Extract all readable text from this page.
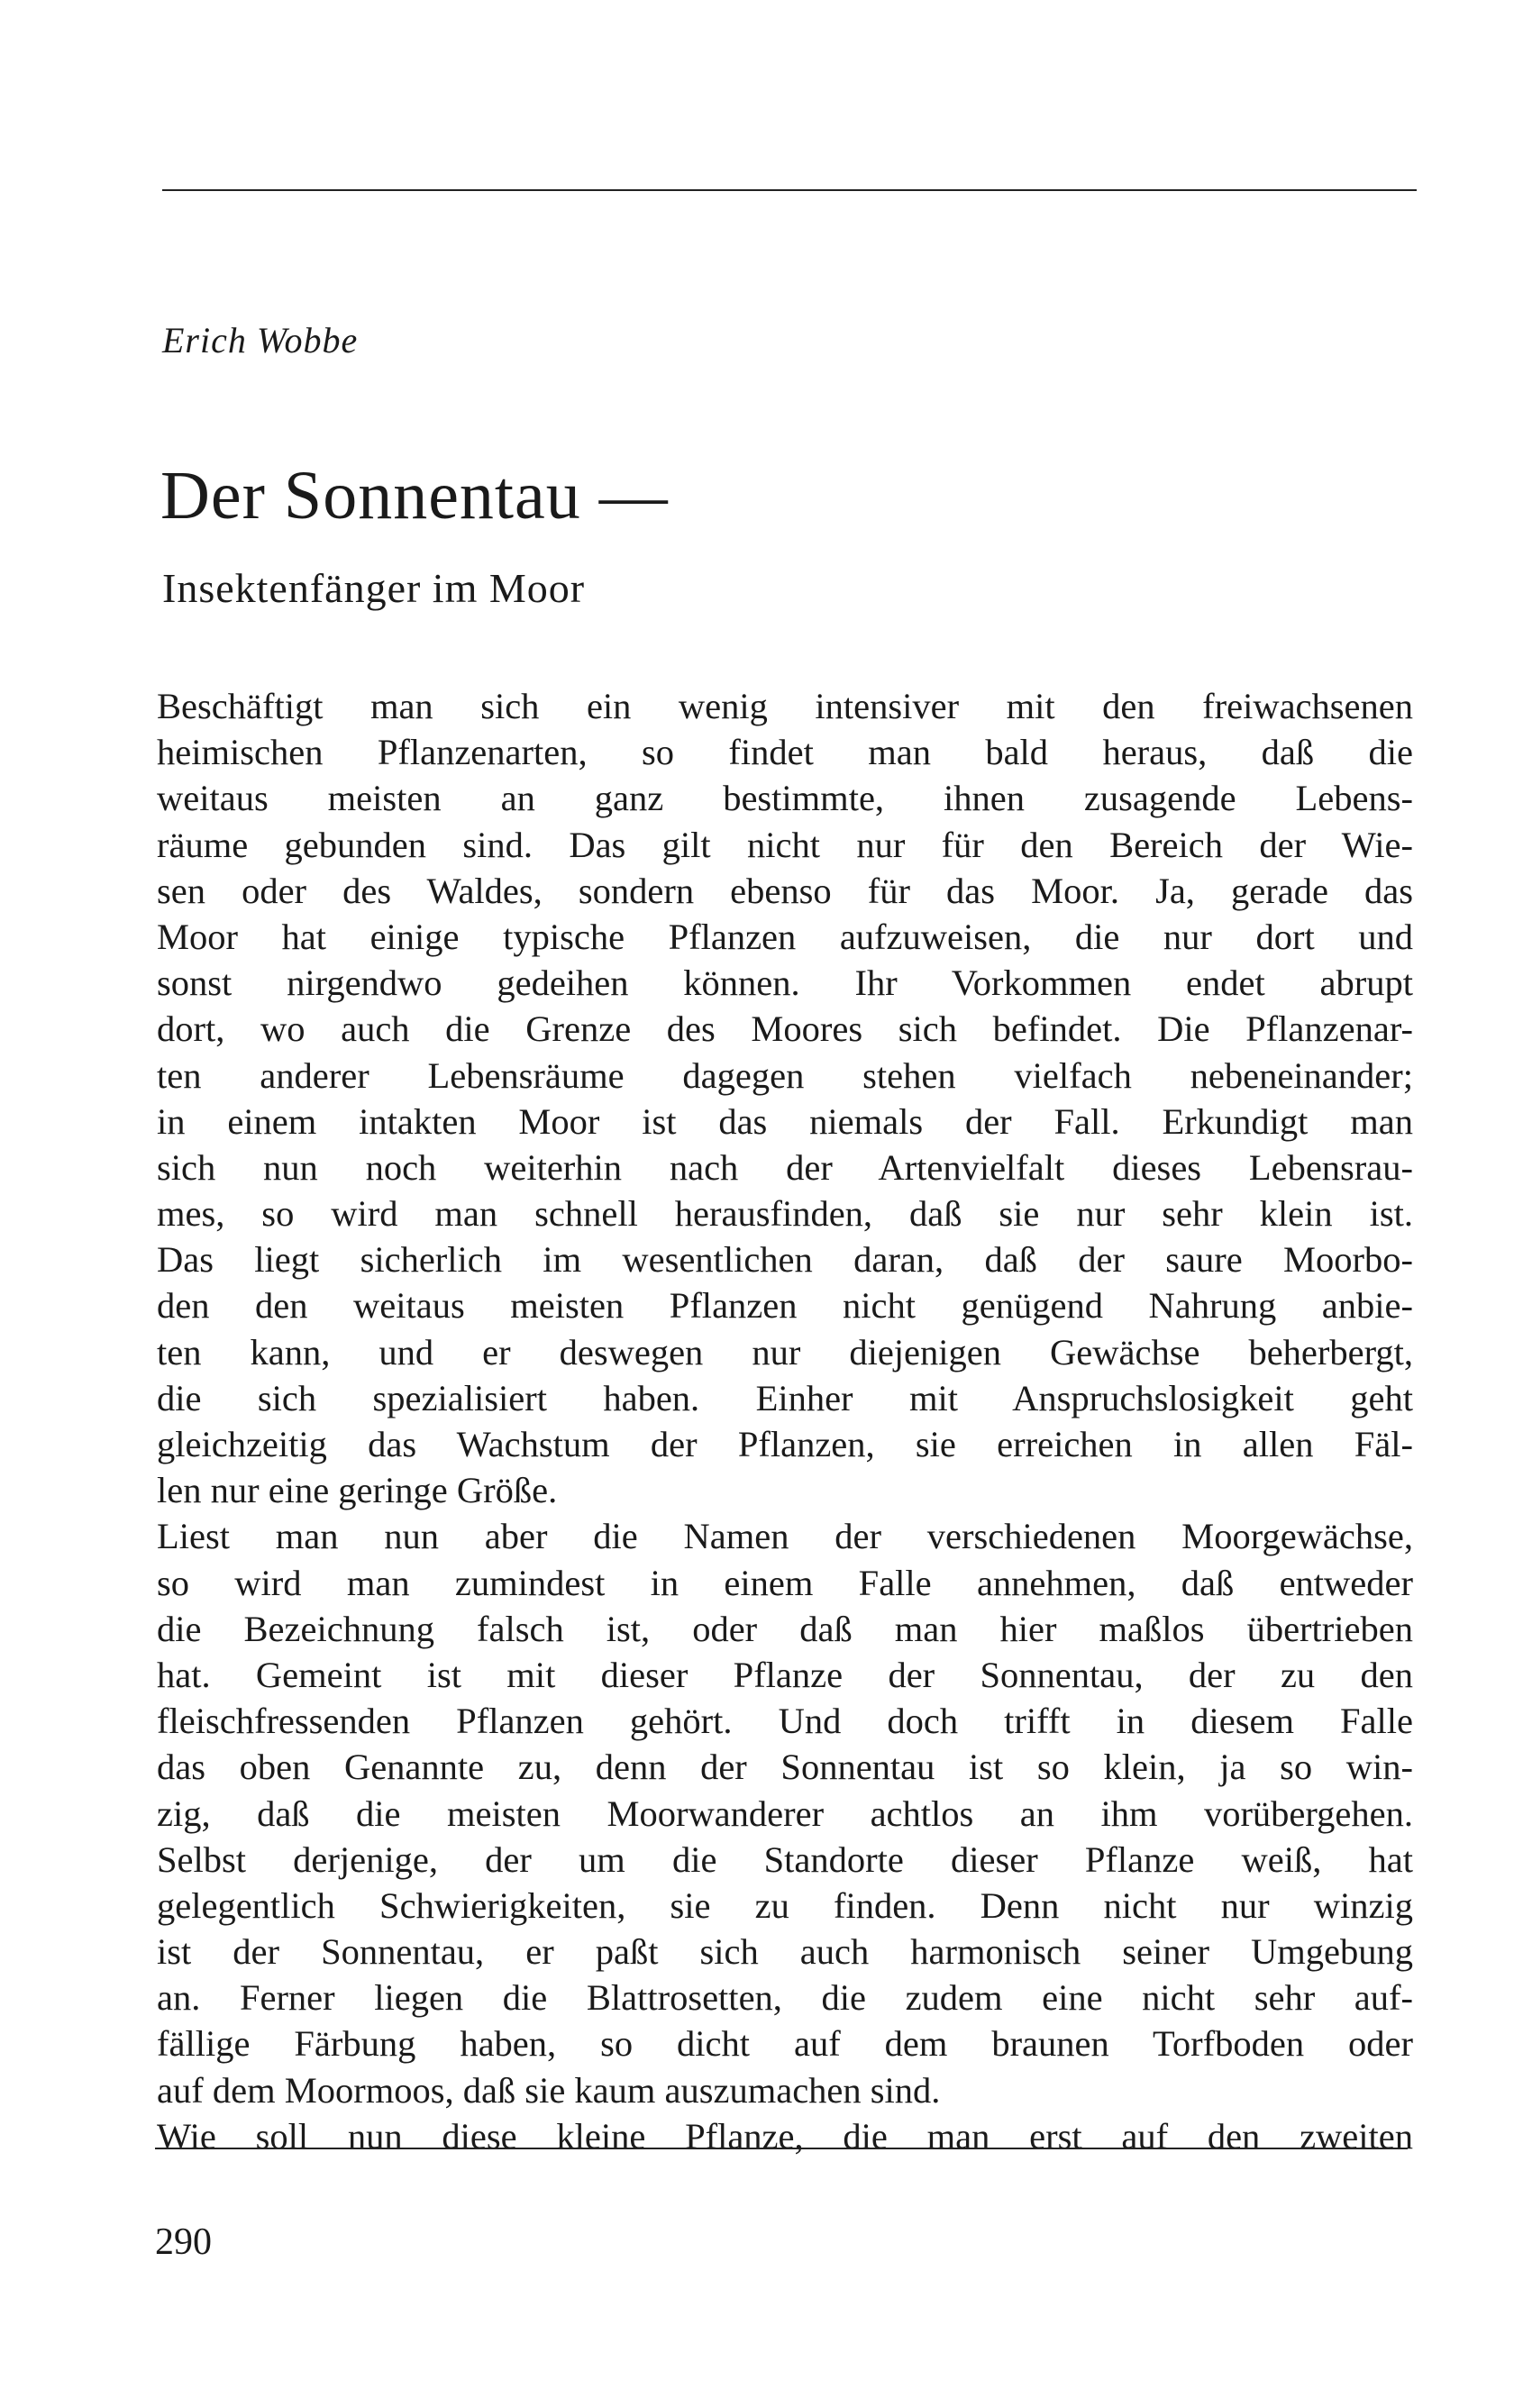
Erich Wobbe
Der Sonnentau —
Insektenfänger im Moor
Beschäftigt man sich ein wenig intensiver mit den freiwachsenen
heimischen Pflanzenarten, so findet man bald heraus, daß die
weitaus meisten an ganz bestimmte, ihnen zusagende Lebens-
räume gebunden sind. Das gilt nicht nur für den Bereich der Wie-
sen oder des Waldes, sondern ebenso für das Moor. Ja, gerade das
Moor hat einige typische Pflanzen aufzuweisen, die nur dort und
sonst nirgendwo gedeihen können. Ihr Vorkommen endet abrupt
dort, wo auch die Grenze des Moores sich befindet. Die Pflanzenar-
ten anderer Lebensräume dagegen stehen vielfach nebeneinander;
in einem intakten Moor ist das niemals der Fall. Erkundigt man
sich nun noch weiterhin nach der Artenvielfalt dieses Lebensrau-
mes, so wird man schnell herausfinden, daß sie nur sehr klein ist.
Das liegt sicherlich im wesentlichen daran, daß der saure Moorbo-
den den weitaus meisten Pflanzen nicht genügend Nahrung anbie-
ten kann, und er deswegen nur diejenigen Gewächse beherbergt,
die sich spezialisiert haben. Einher mit Anspruchslosigkeit geht
gleichzeitig das Wachstum der Pflanzen, sie erreichen in allen Fäl-
len nur eine geringe Größe.
Liest man nun aber die Namen der verschiedenen Moorgewächse,
so wird man zumindest in einem Falle annehmen, daß entweder
die Bezeichnung falsch ist, oder daß man hier maßlos übertrieben
hat. Gemeint ist mit dieser Pflanze der Sonnentau, der zu den
fleischfressenden Pflanzen gehört. Und doch trifft in diesem Falle
das oben Genannte zu, denn der Sonnentau ist so klein, ja so win-
zig, daß die meisten Moorwanderer achtlos an ihm vorübergehen.
Selbst derjenige, der um die Standorte dieser Pflanze weiß, hat
gelegentlich Schwierigkeiten, sie zu finden. Denn nicht nur winzig
ist der Sonnentau, er paßt sich auch harmonisch seiner Umgebung
an. Ferner liegen die Blattrosetten, die zudem eine nicht sehr auf-
fällige Färbung haben, so dicht auf dem braunen Torfboden oder
auf dem Moormoos, daß sie kaum auszumachen sind.
Wie soll nun diese kleine Pflanze, die man erst auf den zweiten
290
